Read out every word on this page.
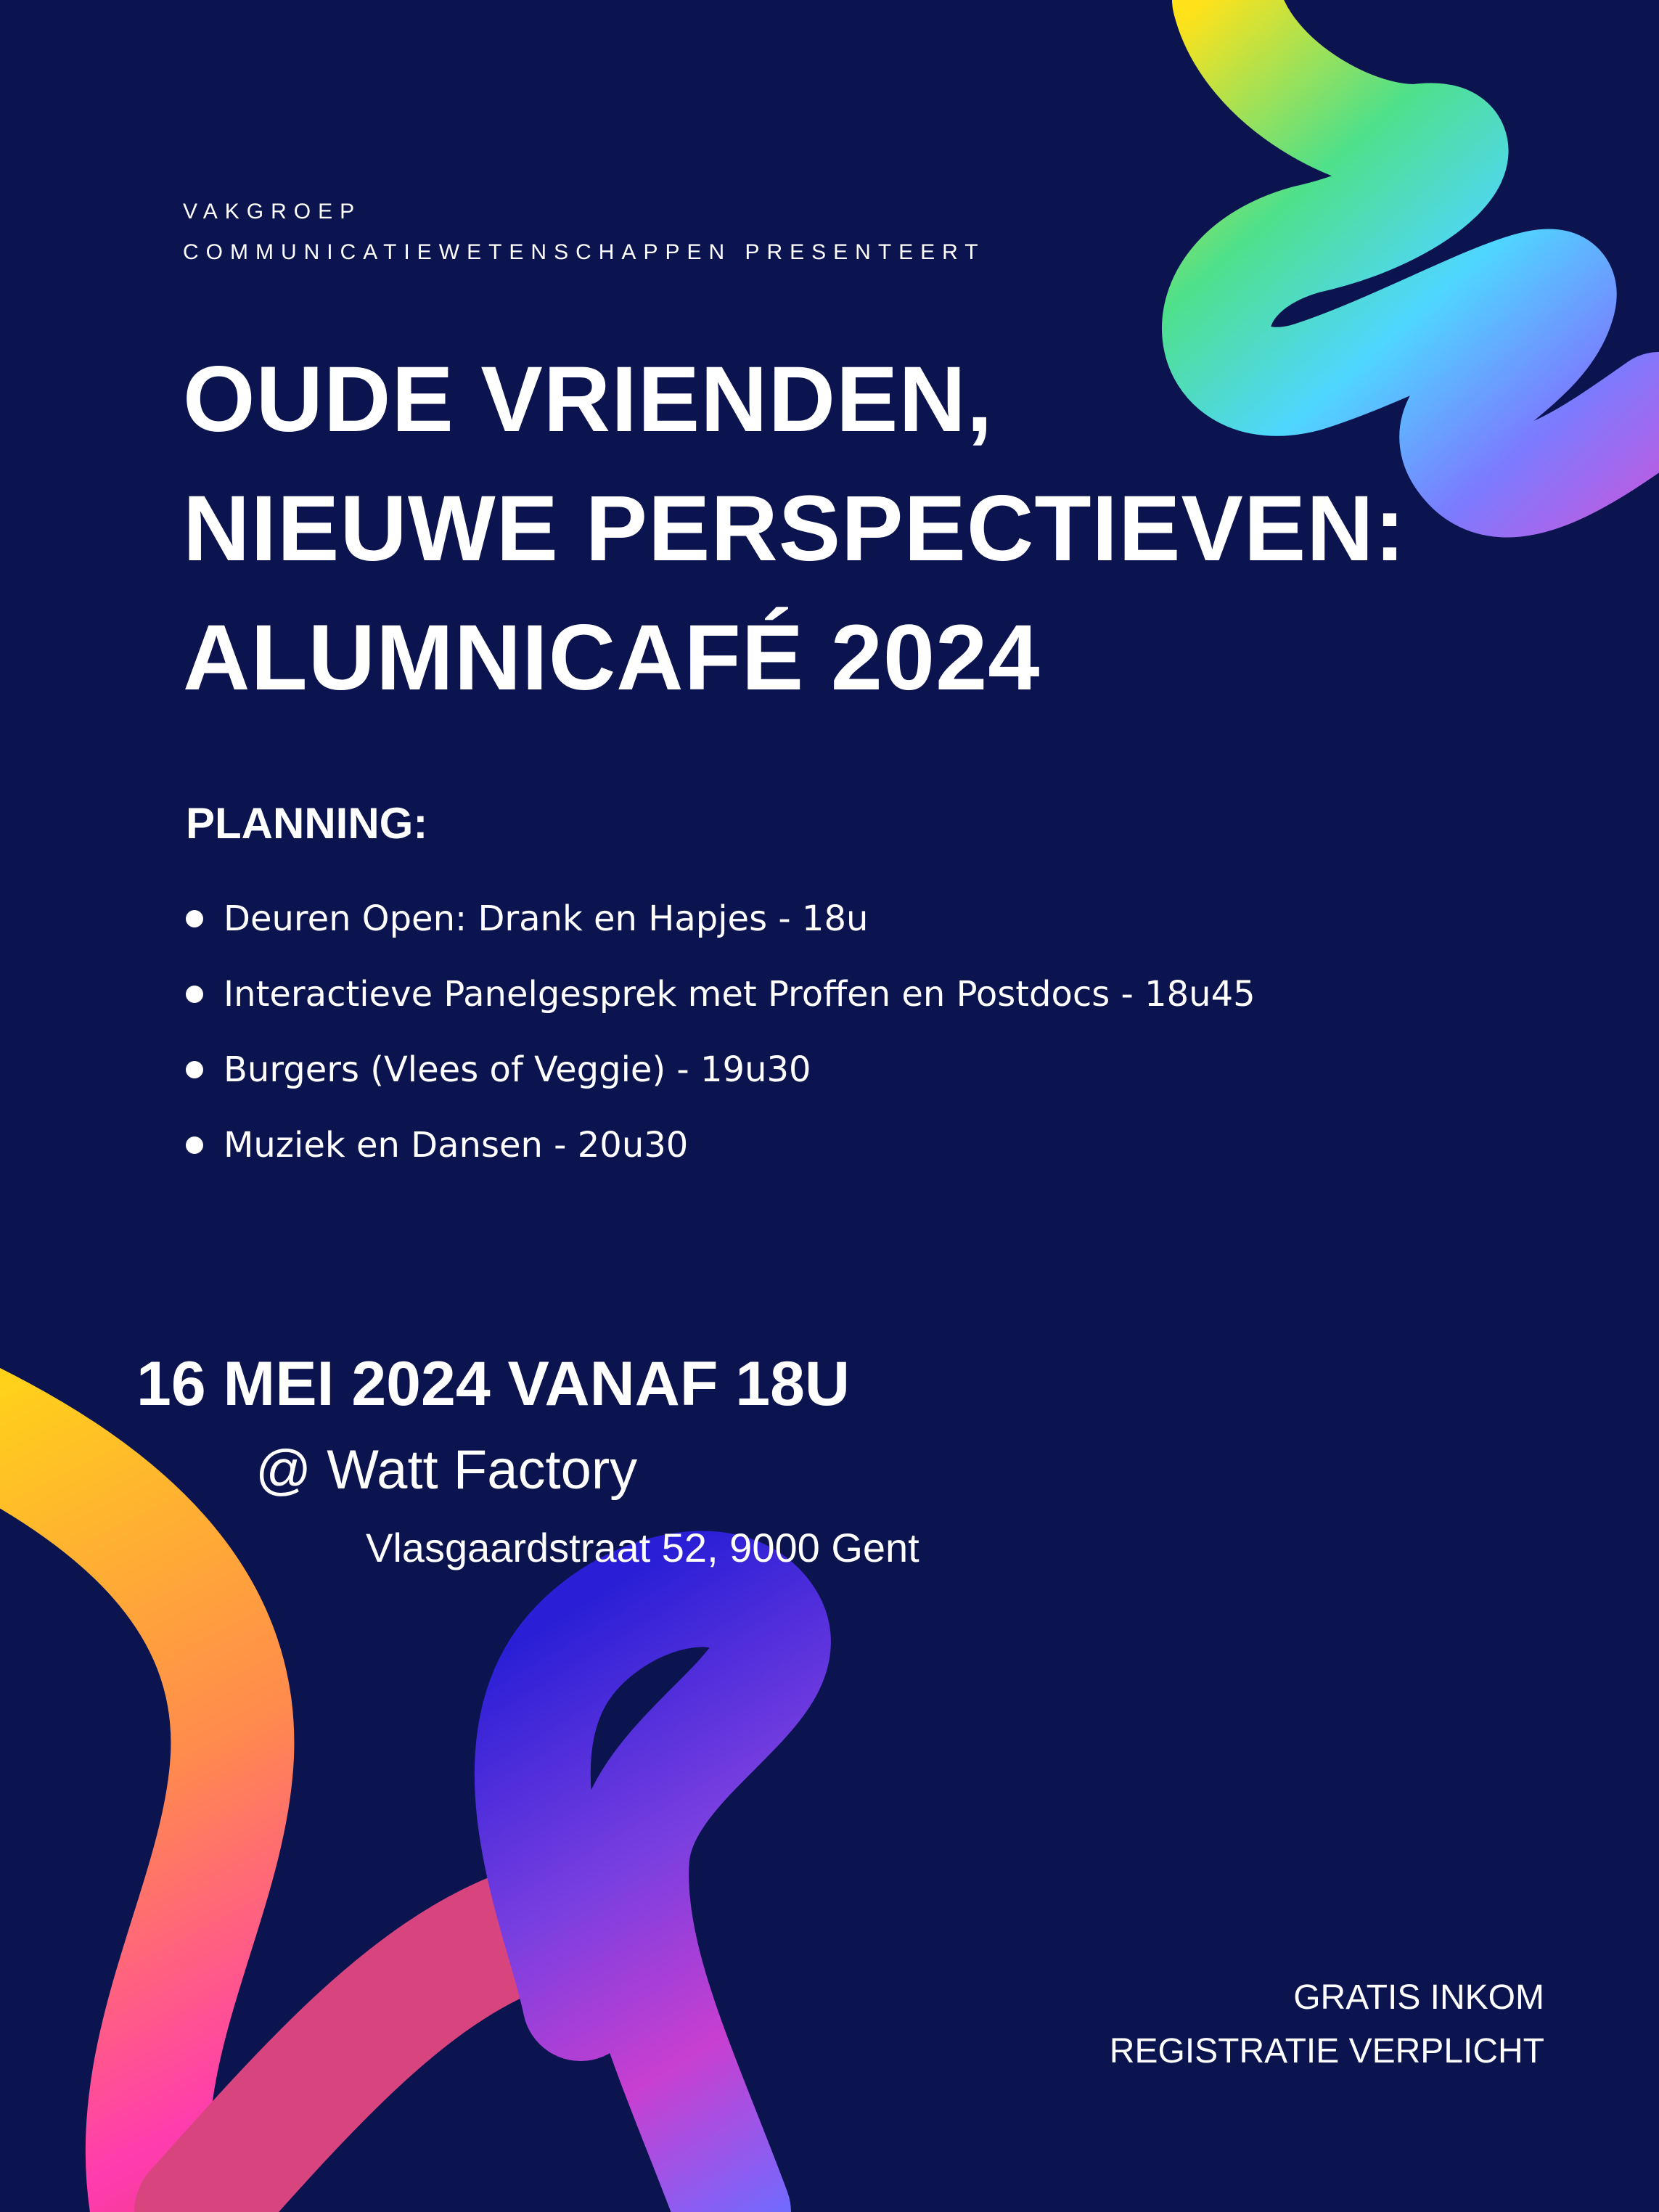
VAKGROEP
COMMUNICATIEWETENSCHAPPEN PRESENTEERT
OUDE VRIENDEN,
NIEUWE PERSPECTIEVEN:
ALUMNICAFÉ 2024
PLANNING:
Deuren Open: Drank en Hapjes - 18u
Interactieve Panelgesprek met Proffen en Postdocs - 18u45
Burgers (Vlees of Veggie) - 19u30
Muziek en Dansen - 20u30
16 MEI 2024 VANAF 18U
@ Watt Factory
Vlasgaardstraat 52, 9000 Gent
GRATIS INKOM
REGISTRATIE VERPLICHT
